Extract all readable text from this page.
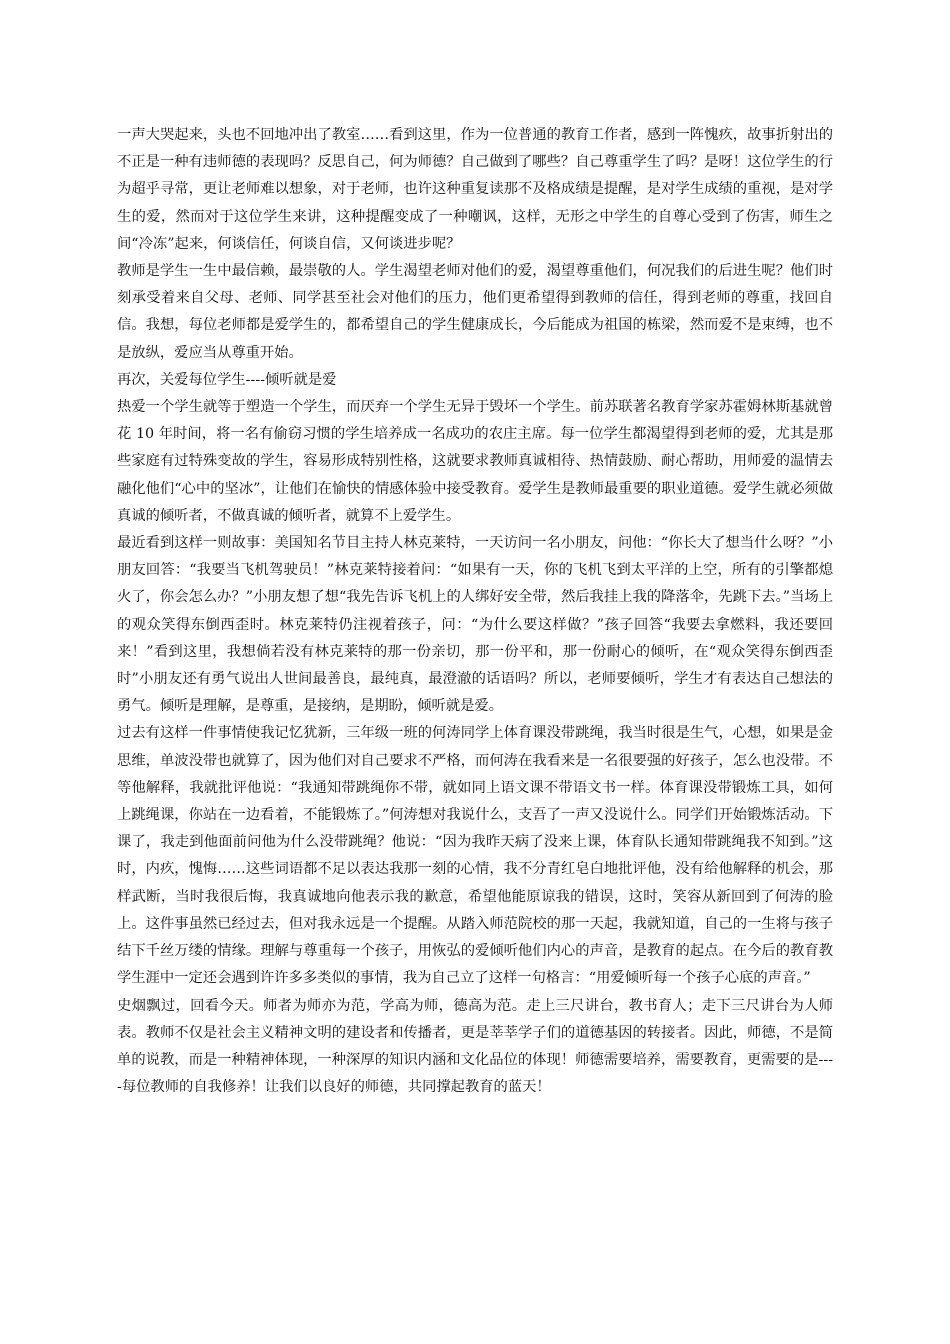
一声大哭起来，头也不回地冲出了教室……看到这里，作为一位普通的教育工作者，感到一阵愧疚，故事折射出的不正是一种有违师德的表现吗？反思自己，何为师德？自己做到了哪些？自己尊重学生了吗？是呀！这位学生的行为超乎寻常，更让老师难以想象，对于老师，也许这种重复读那不及格成绩是提醒，是对学生成绩的重视，是对学生的爱，然而对于这位学生来讲，这种提醒变成了一种嘲讽，这样，无形之中学生的自尊心受到了伤害，师生之间“冷冻”起来，何谈信任，何谈自信，又何谈进步呢？

教师是学生一生中最信赖，最崇敬的人。学生渴望老师对他们的爱，渴望尊重他们，何况我们的后进生呢？他们时刻承受着来自父母、老师、同学甚至社会对他们的压力，他们更希望得到教师的信任，得到老师的尊重，找回自信。我想，每位老师都是爱学生的，都希望自己的学生健康成长，今后能成为祖国的栋梁，然而爱不是束缚，也不是放纵，爱应当从尊重开始。

再次，关爱每位学生----倾听就是爱

热爱一个学生就等于塑造一个学生，而厌弃一个学生无异于毁坏一个学生。前苏联著名教育学家苏霍姆林斯基就曾花 10 年时间，将一名有偷窃习惯的学生培养成一名成功的农庄主席。每一位学生都渴望得到老师的爱，尤其是那些家庭有过特殊变故的学生，容易形成特别性格，这就要求教师真诚相待、热情鼓励、耐心帮助，用师爱的温情去融化他们“心中的坚冰”，让他们在愉快的情感体验中接受教育。爱学生是教师最重要的职业道德。爱学生就必须做真诚的倾听者，不做真诚的倾听者，就算不上爱学生。

最近看到这样一则故事：美国知名节目主持人林克莱特，一天访问一名小朋友，问他：“你长大了想当什么呀？”小朋友回答：“我要当飞机驾驶员！”林克莱特接着问：“如果有一天，你的飞机飞到太平洋的上空，所有的引擎都熄火了，你会怎么办？”小朋友想了想“我先告诉飞机上的人绑好安全带，然后我挂上我的降落伞，先跳下去。”当场上的观众笑得东倒西歪时。林克莱特仍注视着孩子，问：“为什么要这样做？”孩子回答“我要去拿燃料，我还要回来！”看到这里，我想倘若没有林克莱特的那一份亲切，那一份平和，那一份耐心的倾听，在“观众笑得东倒西歪时”小朋友还有勇气说出人世间最善良，最纯真，最澄澈的话语吗？所以，老师要倾听，学生才有表达自己想法的勇气。倾听是理解，是尊重，是接纳，是期盼，倾听就是爱。

过去有这样一件事情使我记忆犹新，三年级一班的何涛同学上体育课没带跳绳，我当时很是生气，心想，如果是金思维，单波没带也就算了，因为他们对自己要求不严格，而何涛在我看来是一名很要强的好孩子，怎么也没带。不等他解释，我就批评他说：“我通知带跳绳你不带，就如同上语文课不带语文书一样。体育课没带锻炼工具，如何上跳绳课，你站在一边看着，不能锻炼了。”何涛想对我说什么，支吾了一声又没说什么。同学们开始锻炼活动。下课了，我走到他面前问他为什么没带跳绳？他说：“因为我昨天病了没来上课，体育队长通知带跳绳我不知到。”这时，内疚，愧悔……这些词语都不足以表达我那一刻的心情，我不分青红皂白地批评他，没有给他解释的机会，那样武断，当时我很后悔，我真诚地向他表示我的歉意，希望他能原谅我的错误，这时，笑容从新回到了何涛的脸上。这件事虽然已经过去，但对我永远是一个提醒。从踏入师范院校的那一天起，我就知道，自己的一生将与孩子结下千丝万缕的情缘。理解与尊重每一个孩子，用恢弘的爱倾听他们内心的声音，是教育的起点。在今后的教育教学生涯中一定还会遇到许许多多类似的事情，我为自己立了这样一句格言：“用爱倾听每一个孩子心底的声音。”

史烟飘过，回看今天。师者为师亦为范，学高为师，德高为范。走上三尺讲台，教书育人；走下三尺讲台为人师表。教师不仅是社会主义精神文明的建设者和传播者，更是莘莘学子们的道德基因的转接者。因此，师德，不是简单的说教，而是一种精神体现，一种深厚的知识内涵和文化品位的体现！师德需要培养，需要教育，更需要的是----每位教师的自我修养！让我们以良好的师德，共同撑起教育的蓝天！
